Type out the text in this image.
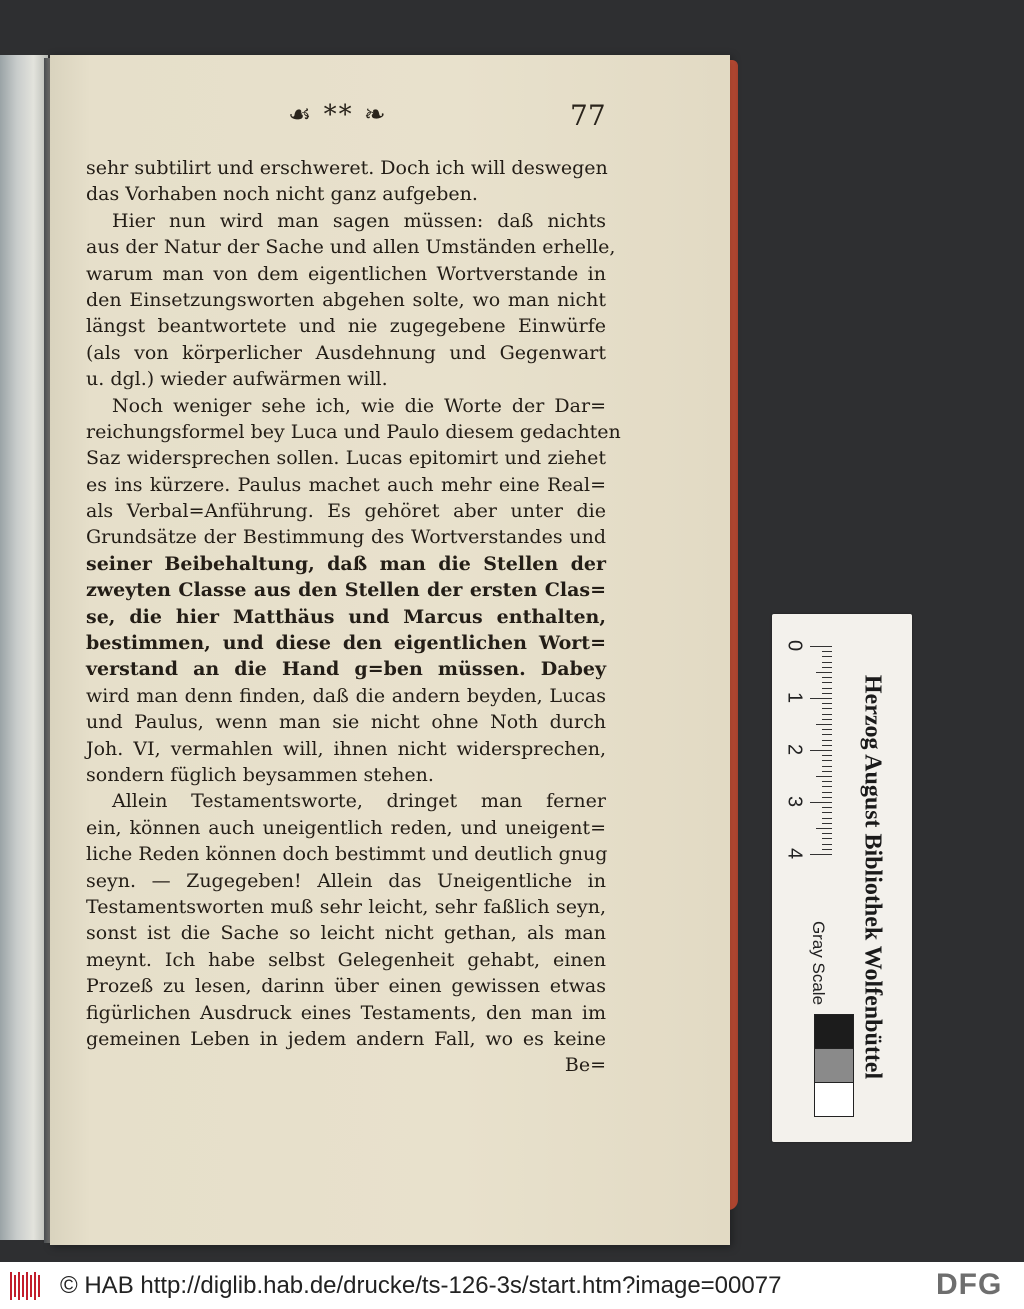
☙ ** ❧	77
sehr subtilirt und erschweret. Doch ich will deswegen
das Vorhaben noch nicht ganz aufgeben.
Hier nun wird man sagen müssen: daß nichts
aus der Natur der Sache und allen Umständen erhelle,
warum man von dem eigentlichen Wortverstande in
den Einsetzungsworten abgehen solte, wo man nicht
längst beantwortete und nie zugegebene Einwürfe
(als von körperlicher Ausdehnung und Gegenwart
u. dgl.) wieder aufwärmen will.
Noch weniger sehe ich, wie die Worte der Dar=
reichungsformel bey Luca und Paulo diesem gedachten
Saz widersprechen sollen. Lucas epitomirt und ziehet
es ins kürzere. Paulus machet auch mehr eine Real=
als Verbal=Anführung. Es gehöret aber unter die
Grundsätze der Bestimmung des Wortverstandes und
seiner Beibehaltung, daß man die Stellen der
zweyten Classe aus den Stellen der ersten Clas=
se, die hier Matthäus und Marcus enthalten,
bestimmen, und diese den eigentlichen Wort=
verstand an die Hand g=ben müssen. Dabey
wird man denn finden, daß die andern beyden, Lucas
und Paulus, wenn man sie nicht ohne Noth durch
Joh. VI, vermahlen will, ihnen nicht widersprechen,
sondern füglich beysammen stehen.
Allein Testamentsworte, dringet man ferner
ein, können auch uneigentlich reden, und uneigent=
liche Reden können doch bestimmt und deutlich gnug
seyn. — Zugegeben! Allein das Uneigentliche in
Testamentsworten muß sehr leicht, sehr faßlich seyn,
sonst ist die Sache so leicht nicht gethan, als man
meynt. Ich habe selbst Gelegenheit gehabt, einen
Prozeß zu lesen, darinn über einen gewissen etwas
figürlichen Ausdruck eines Testaments, den man im
gemeinen Leben in jedem andern Fall, wo es keine
Be=
0
1
2
3
4 Herzog August Bibliothek Wolfenbüttel
Gray Scale
© HAB http://diglib.hab.de/drucke/ts-126-3s/start.htm?image=00077	DFG
